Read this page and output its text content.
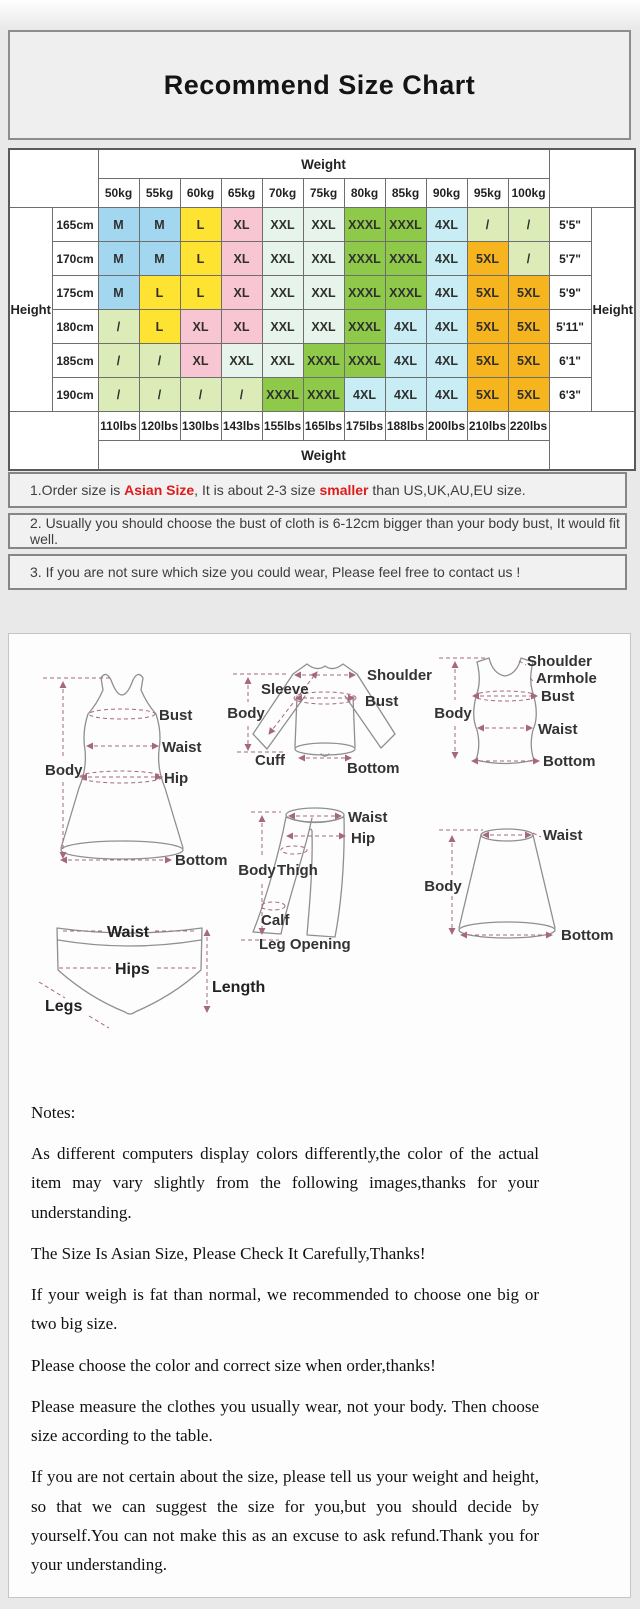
Recommend Size Chart
		Weight												
		50kg	55kg	60kg	65kg	70kg	75kg	80kg	85kg	90kg	95kg	100kg		
Height	165cm	M	M	L	XL	XXL	XXL	XXXL	XXXL	4XL	/	/	5'5"	Height
	170cm	M	M	L	XL	XXL	XXL	XXXL	XXXL	4XL	5XL	/	5'7"	
	175cm	M	L	L	XL	XXL	XXL	XXXL	XXXL	4XL	5XL	5XL	5'9"	
	180cm	/	L	XL	XL	XXL	XXL	XXXL	4XL	4XL	5XL	5XL	5'11"	
	185cm	/	/	XL	XXL	XXL	XXXL	XXXL	4XL	4XL	5XL	5XL	6'1"	
	190cm	/	/	/	/	XXXL	XXXL	4XL	4XL	4XL	5XL	5XL	6'3"	
		110lbs	120lbs	130lbs	143lbs	155lbs	165lbs	175lbs	188lbs	200lbs	210lbs	220lbs		
		Weight												
1.Order size is Asian Size , It is about 2-3 size smaller than US,UK,AU,EU size.
2. Usually you should choose the bust of cloth is 6-12cm bigger than your body bust, It would fit well.
3. If you are not sure which size you could wear, Please feel free to contact us !
Body
Bust
Waist
Hip
Bottom
Shoulder
Sleeve
Body
Bust
Cuff	Bottom
Shoulder
Armhole
Body
Bust
Waist
Bottom
Waist
Hip
Body Thigh
Calf
Leg Opening
Waist
Body
Bottom
Waist
Hips
Legs
Length
Notes:

As different computers display colors differently,the color of the actual item may vary slightly from the following images,thanks for your understanding.

The Size Is Asian Size, Please Check It Carefully,Thanks!

If your weigh is fat than normal, we recommended to choose one big or two big size.

Please choose the color and correct size when order,thanks!

Please measure the clothes you usually wear, not your body. Then choose size according to the table.

If you are not certain about the size, please tell us your weight and height, so that we can suggest the size for you,but you should decide by yourself.You can not make this as an excuse to ask refund.Thank you for your understanding.
